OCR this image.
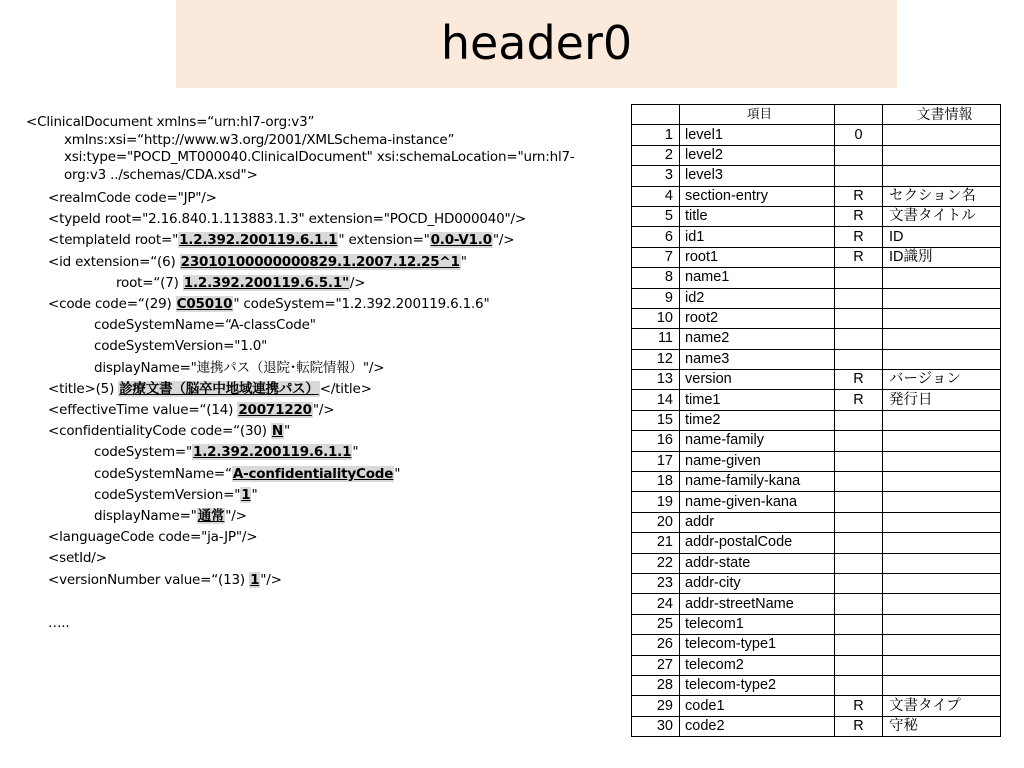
header0
<ClinicalDocument xmlns=“urn:hl7-org:v3”
xmlns:xsi=“http://www.w3.org/2001/XMLSchema-instance”
xsi:type="POCD_MT000040.ClinicalDocument" xsi:schemaLocation="urn:hl7-
org:v3 ../schemas/CDA.xsd">
<realmCode code="JP"/>
<typeId root="2.16.840.1.113883.1.3" extension="POCD_HD000040"/>
<templateId root="1.2.392.200119.6.1.1" extension="0.0-V1.0"/>
<id extension=“(6) 23010100000000829.1.2007.12.25^1"
root=“(7) 1.2.392.200119.6.5.1"/>
<code code=“(29) C05010" codeSystem="1.2.392.200119.6.1.6"
codeSystemName=“A-classCode"
codeSystemVersion="1.0"
displayName="連携パス（退院･転院情報）"/>
<title>(5) 診療文書（脳卒中地域連携パス）</title>
<effectiveTime value=“(14) 20071220"/>
<confidentialityCode code=“(30) N"
codeSystem="1.2.392.200119.6.1.1"
codeSystemName=“A-confidentialityCode"
codeSystemVersion="1"
displayName="通常"/>
<languageCode code="ja-JP"/>
<setId/>
<versionNumber value=“(13) 1"/>
…..
	項目		文書情報
1	level1	0	
2	level2		
3	level3		
4	section-entry	R	セクション名
5	title	R	文書タイトル
6	id1	R	ID
7	root1	R	ID識別
8	name1		
9	id2		
10	root2		
11	name2		
12	name3		
13	version	R	バージョン
14	time1	R	発行日
15	time2		
16	name-family		
17	name-given		
18	name-family-kana		
19	name-given-kana		
20	addr		
21	addr-postalCode		
22	addr-state		
23	addr-city		
24	addr-streetName		
25	telecom1		
26	telecom-type1		
27	telecom2		
28	telecom-type2		
29	code1	R	文書タイプ
30	code2	R	守秘
